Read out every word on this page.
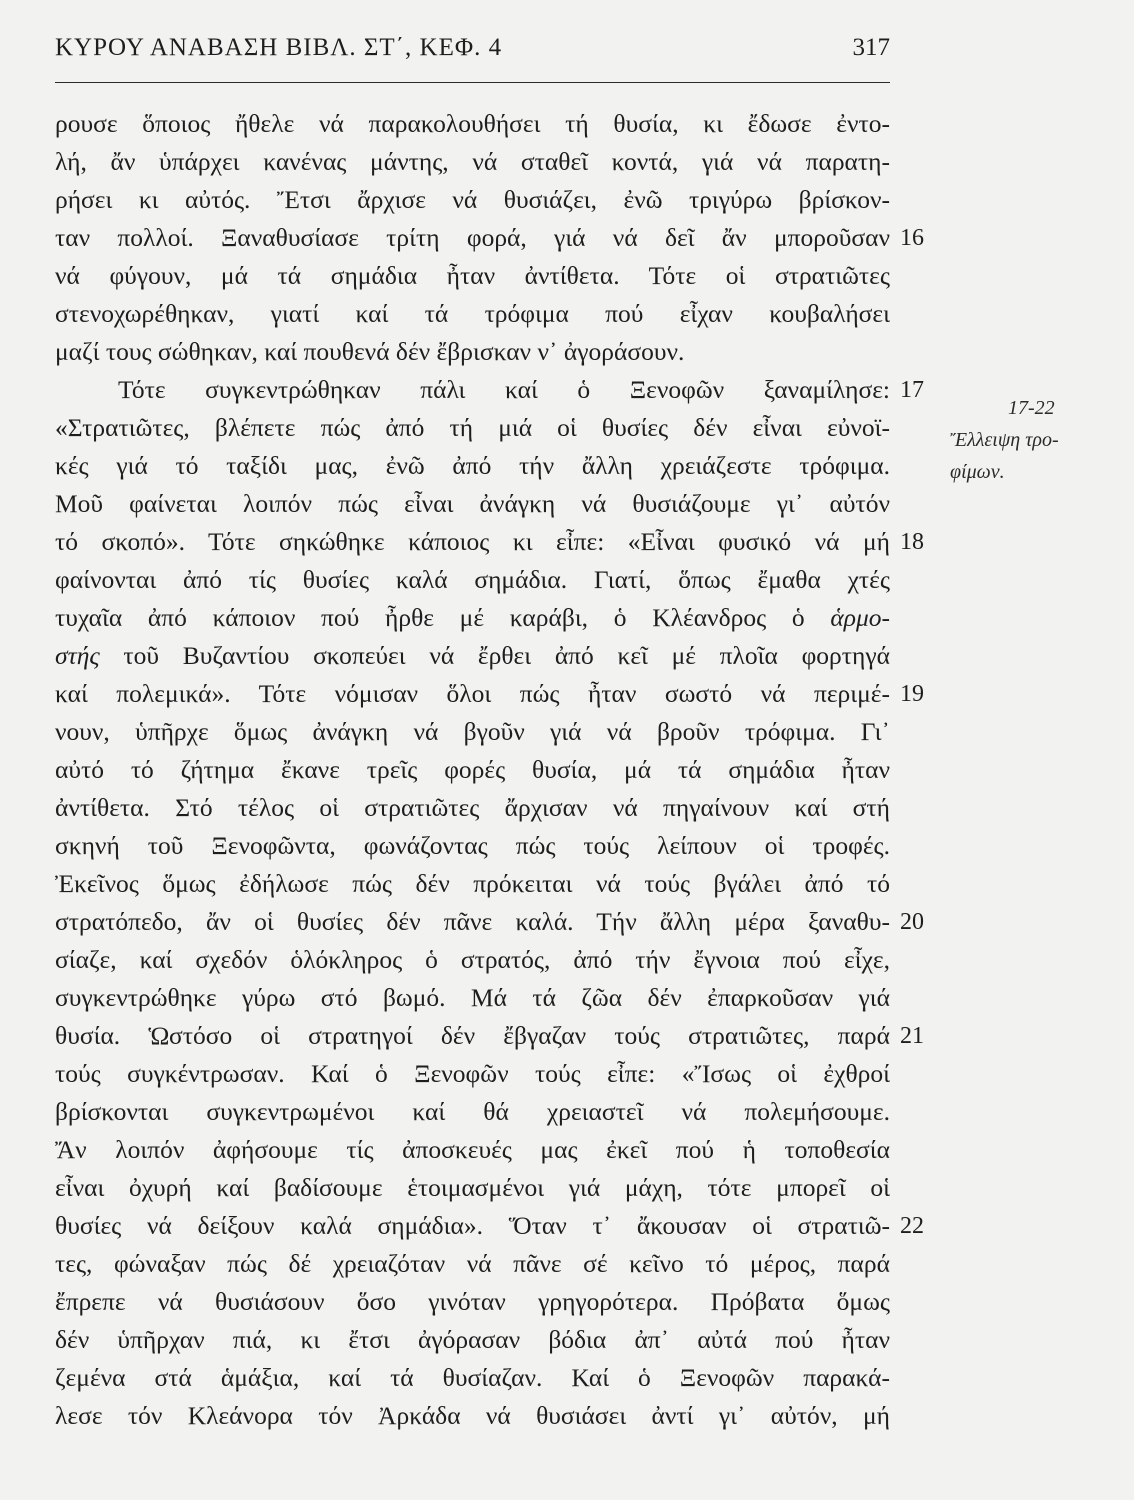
ΚΥΡΟΥ ΑΝΑΒΑΣΗ ΒΙΒΛ. ΣΤ΄, ΚΕΦ. 4	317
ρουσε ὅποιος ἤθελε νά παρακολουθήσει τή θυσία, κι ἔδωσε ἐντο-
λή, ἄν ὑπάρχει κανένας μάντης, νά σταθεῖ κοντά, γιά νά παρατη-
ρήσει κι αὐτός. Ἔτσι ἄρχισε νά θυσιάζει, ἐνῶ τριγύρω βρίσκον-
ταν πολλοί. Ξαναθυσίασε τρίτη φορά, γιά νά δεῖ ἄν μποροῦσαν
νά φύγουν, μά τά σημάδια ἦταν ἀντίθετα. Τότε οἱ στρατιῶτες
στενοχωρέθηκαν, γιατί καί τά τρόφιμα πού εἶχαν κουβαλήσει
μαζί τους σώθηκαν, καί πουθενά δέν ἔβρισκαν ν᾽ ἀγοράσουν.
Τότε συγκεντρώθηκαν πάλι καί ὁ Ξενοφῶν ξαναμίλησε:
«Στρατιῶτες, βλέπετε πώς ἀπό τή μιά οἱ θυσίες δέν εἶναι εὐνοϊ-
κές γιά τό ταξίδι μας, ἐνῶ ἀπό τήν ἄλλη χρειάζεστε τρόφιμα.
Μοῦ φαίνεται λοιπόν πώς εἶναι ἀνάγκη νά θυσιάζουμε γι᾽ αὐτόν
τό σκοπό». Τότε σηκώθηκε κάποιος κι εἶπε: «Εἶναι φυσικό νά μή
φαίνονται ἀπό τίς θυσίες καλά σημάδια. Γιατί, ὅπως ἔμαθα χτές
τυχαῖα ἀπό κάποιον πού ἦρθε μέ καράβι, ὁ Κλέανδρος ὁ ἁρμο-
στής τοῦ Βυζαντίου σκοπεύει νά ἔρθει ἀπό κεῖ μέ πλοῖα φορτηγά
καί πολεμικά». Τότε νόμισαν ὅλοι πώς ἦταν σωστό νά περιμέ-
νουν, ὑπῆρχε ὅμως ἀνάγκη νά βγοῦν γιά νά βροῦν τρόφιμα. Γι᾽
αὐτό τό ζήτημα ἔκανε τρεῖς φορές θυσία, μά τά σημάδια ἦταν
ἀντίθετα. Στό τέλος οἱ στρατιῶτες ἄρχισαν νά πηγαίνουν καί στή
σκηνή τοῦ Ξενοφῶντα, φωνάζοντας πώς τούς λείπουν οἱ τροφές.
Ἐκεῖνος ὅμως ἐδήλωσε πώς δέν πρόκειται νά τούς βγάλει ἀπό τό
στρατόπεδο, ἄν οἱ θυσίες δέν πᾶνε καλά. Τήν ἄλλη μέρα ξαναθυ-
σίαζε, καί σχεδόν ὁλόκληρος ὁ στρατός, ἀπό τήν ἔγνοια πού εἶχε,
συγκεντρώθηκε γύρω στό βωμό. Μά τά ζῶα δέν ἐπαρκοῦσαν γιά
θυσία. Ὡστόσο οἱ στρατηγοί δέν ἔβγαζαν τούς στρατιῶτες, παρά
τούς συγκέντρωσαν. Καί ὁ Ξενοφῶν τούς εἶπε: «Ἴσως οἱ ἐχθροί
βρίσκονται συγκεντρωμένοι καί θά χρειαστεῖ νά πολεμήσουμε.
Ἄν λοιπόν ἀφήσουμε τίς ἀποσκευές μας ἐκεῖ πού ἡ τοποθεσία
εἶναι ὀχυρή καί βαδίσουμε ἑτοιμασμένοι γιά μάχη, τότε μπορεῖ οἱ
θυσίες νά δείξουν καλά σημάδια». Ὅταν τ᾽ ἄκουσαν οἱ στρατιῶ-
τες, φώναξαν πώς δέ χρειαζόταν νά πᾶνε σέ κεῖνο τό μέρος, παρά
ἔπρεπε νά θυσιάσουν ὅσο γινόταν γρηγορότερα. Πρόβατα ὅμως
δέν ὑπῆρχαν πιά, κι ἔτσι ἀγόρασαν βόδια ἀπ᾽ αὐτά πού ἦταν
ζεμένα στά ἁμάξια, καί τά θυσίαζαν. Καί ὁ Ξενοφῶν παρακά-
λεσε τόν Κλεάνορα τόν Ἀρκάδα νά θυσιάσει ἀντί γι᾽ αὐτόν, μή
16
17
18
19
20
21
22
17-22
Ἔλλειψη τρο-
φίμων.
